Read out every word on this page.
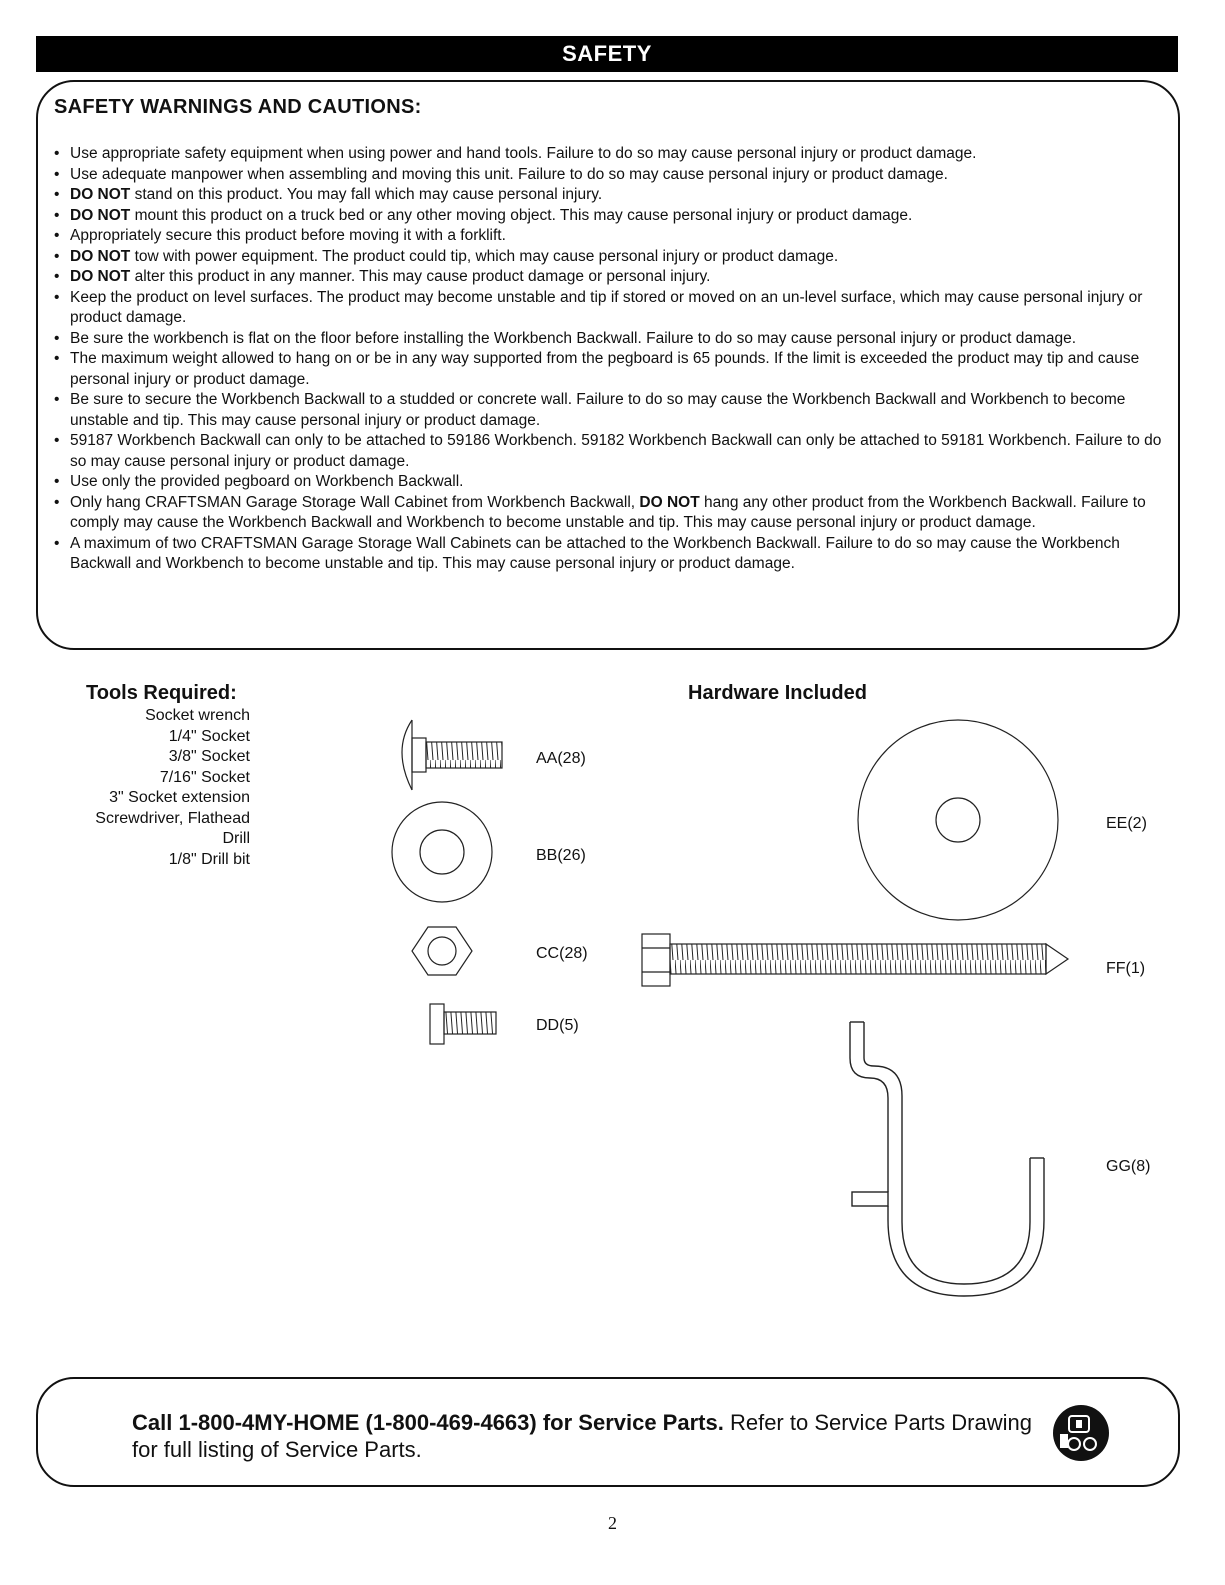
SAFETY
SAFETY WARNINGS AND CAUTIONS:
• Use appropriate safety equipment when using power and hand tools. Failure to do so may cause personal injury or product damage.
• Use adequate manpower when assembling and moving this unit. Failure to do so may cause personal injury or product damage.
• DO NOT stand on this product. You may fall which may cause personal injury.
• DO NOT mount this product on a truck bed or any other moving object. This may cause personal injury or product damage.
• Appropriately secure this product before moving it with a forklift.
• DO NOT tow with power equipment. The product could tip, which may cause personal injury or product damage.
• DO NOT alter this product in any manner. This may cause product damage or personal injury.
• Keep the product on level surfaces. The product may become unstable and tip if stored or moved on an un-level surface, which may cause personal injury or product damage.
• Be sure the workbench is flat on the floor before installing the Workbench Backwall. Failure to do so may cause personal injury or product damage.
• The maximum weight allowed to hang on or be in any way supported from the pegboard is 65 pounds. If the limit is exceeded the product may tip and cause personal injury or product damage.
• Be sure to secure the Workbench Backwall to a studded or concrete wall. Failure to do so may cause the Workbench Backwall and Workbench to become unstable and tip. This may cause personal injury or product damage.
• 59187 Workbench Backwall can only to be attached to 59186 Workbench. 59182 Workbench Backwall can only be attached to 59181 Workbench. Failure to do so may cause personal injury or product damage.
• Use only the provided pegboard on Workbench Backwall.
• Only hang CRAFTSMAN Garage Storage Wall Cabinet from Workbench Backwall, DO NOT hang any other product from the Workbench Backwall. Failure to comply may cause the Workbench Backwall and Workbench to become unstable and tip. This may cause personal injury or product damage.
• A maximum of two CRAFTSMAN Garage Storage Wall Cabinets can be attached to the Workbench Backwall. Failure to do so may cause the Workbench Backwall and Workbench to become unstable and tip. This may cause personal injury or product damage.
Tools Required:
Socket wrench
1/4" Socket
3/8" Socket
7/16" Socket
3" Socket extension
Screwdriver, Flathead
Drill
1/8" Drill bit
Hardware Included
AA(28)
BB(26)
CC(28)
DD(5)
EE(2)
FF(1)
GG(8)
Call 1-800-4MY-HOME (1-800-469-4663) for Service Parts. Refer to Service Parts Drawing for full listing of Service Parts.
2
